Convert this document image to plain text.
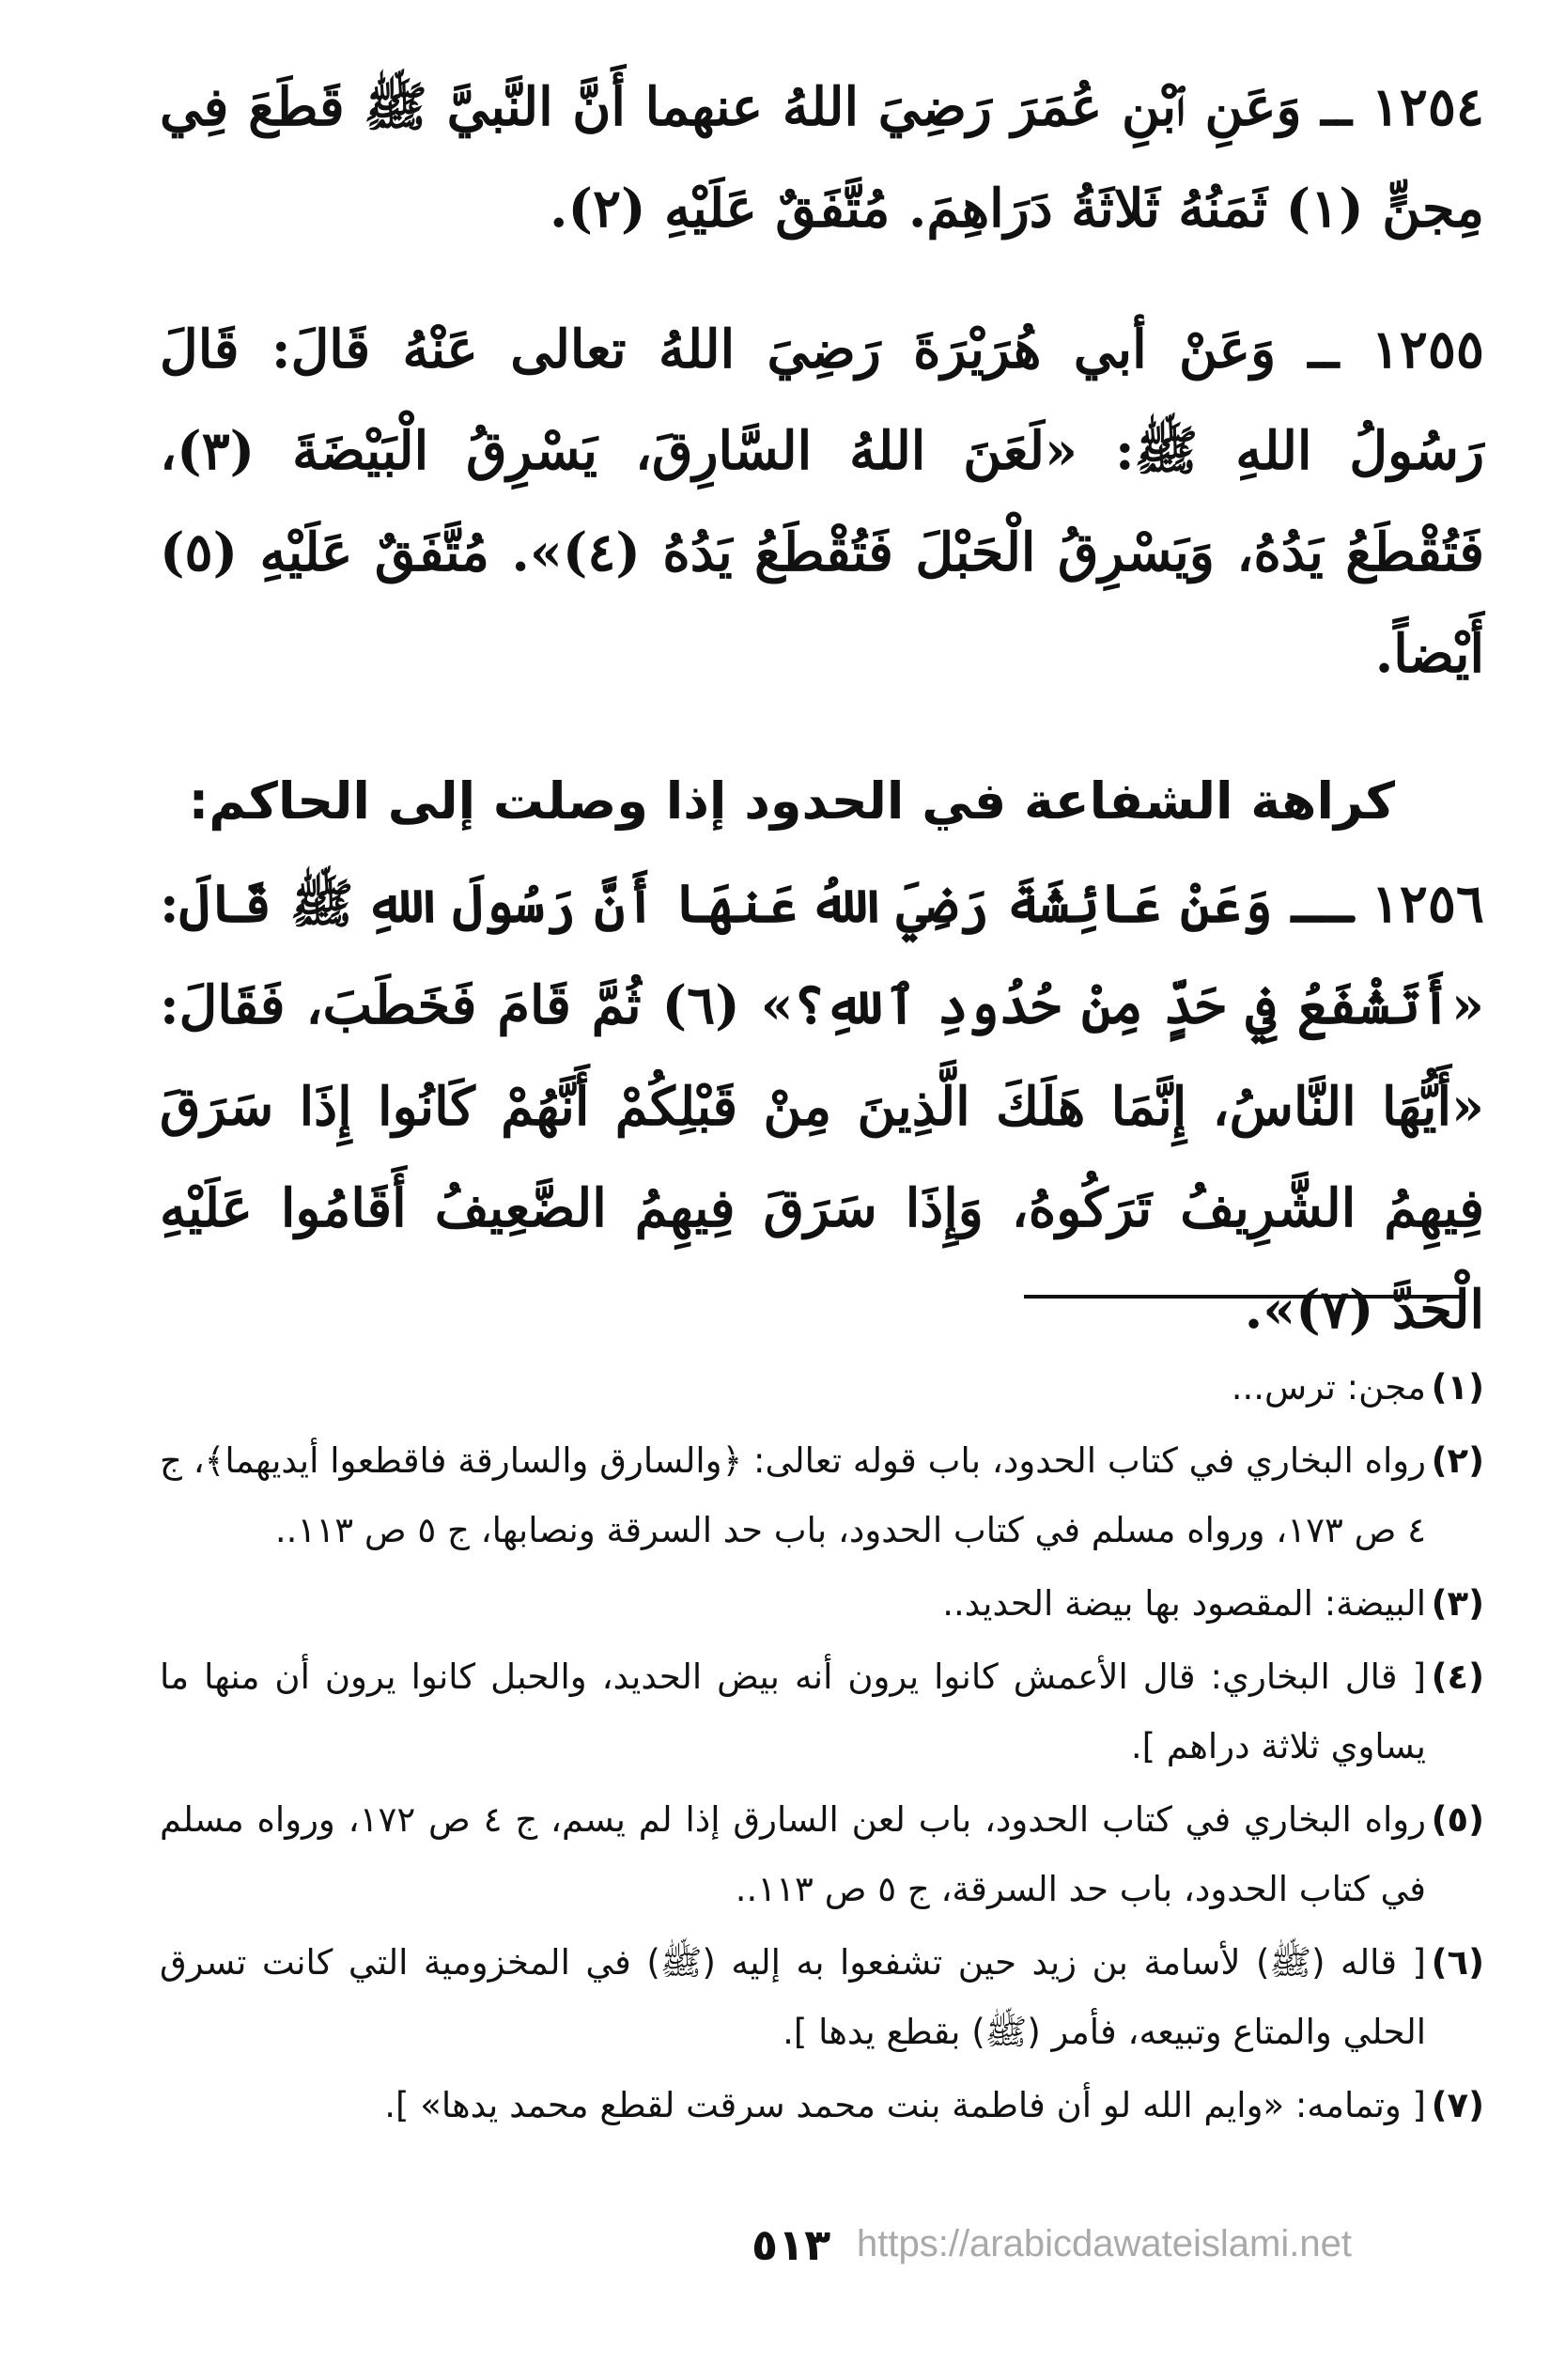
١٢٥٤ ــ وَعَنِ ٱبْنِ عُمَرَ رَضِيَ اللهُ عنهما أَنَّ النَّبيَّ ﷺ قَطَعَ فِي مِجنٍّ (١) ثَمَنُهُ ثَلاثَةُ دَرَاهِمَ. مُتَّفَقٌ عَلَيْهِ (٢).

١٢٥٥ ــ وَعَنْ أبي هُرَيْرَةَ رَضِيَ اللهُ تعالى عَنْهُ قَالَ: قَالَ رَسُولُ اللهِ ﷺ: «لَعَنَ اللهُ السَّارِقَ، يَسْرِقُ الْبَيْضَةَ (٣)، فَتُقْطَعُ يَدُهُ، وَيَسْرِقُ الْحَبْلَ فَتُقْطَعُ يَدُهُ (٤)». مُتَّفَقٌ عَلَيْهِ (٥) أَيْضاً.

كراهة الشفاعة في الحدود إذا وصلت إلى الحاكم:

١٢٥٦ ــ وَعَنْ عَائِشَةَ رَضِيَ اللهُ عَنهَا أَنَّ رَسُولَ اللهِ ﷺ قَالَ: «أَتَشْفَعُ فِي حَدٍّ مِنْ حُدُودِ ٱللهِ؟» (٦) ثُمَّ قَامَ فَخَطَبَ، فَقَالَ: «أَيُّهَا النَّاسُ، إِنَّمَا هَلَكَ الَّذِينَ مِنْ قَبْلِكُمْ أَنَّهُمْ كَانُوا إِذَا سَرَقَ فِيهِمُ الشَّرِيفُ تَرَكُوهُ، وَإِذَا سَرَقَ فِيهِمُ الضَّعِيفُ أَقَامُوا عَلَيْهِ الْحَدَّ (٧)».

(١)
مجن: ترس...
(٢)
رواه البخاري في كتاب الحدود، باب قوله تعالى: ﴿والسارق والسارقة فاقطعوا أيديهما﴾، ج ٤ ص ١٧٣، ورواه مسلم في كتاب الحدود، باب حد السرقة ونصابها، ج ٥ ص ١١٣..
(٣)
البيضة: المقصود بها بيضة الحديد..
(٤)
[ قال البخاري: قال الأعمش كانوا يرون أنه بيض الحديد، والحبل كانوا يرون أن منها ما يساوي ثلاثة دراهم ].
(٥)
رواه البخاري في كتاب الحدود، باب لعن السارق إذا لم يسم، ج ٤ ص ١٧٢، ورواه مسلم في كتاب الحدود، باب حد السرقة، ج ٥ ص ١١٣..
(٦)
[ قاله (ﷺ) لأسامة بن زيد حين تشفعوا به إليه (ﷺ) في المخزومية التي كانت تسرق الحلي والمتاع وتبيعه، فأمر (ﷺ) بقطع يدها ].
(٧)
[ وتمامه: «وايم الله لو أن فاطمة بنت محمد سرقت لقطع محمد يدها» ].
٥١٣ https://arabicdawateislami.net
